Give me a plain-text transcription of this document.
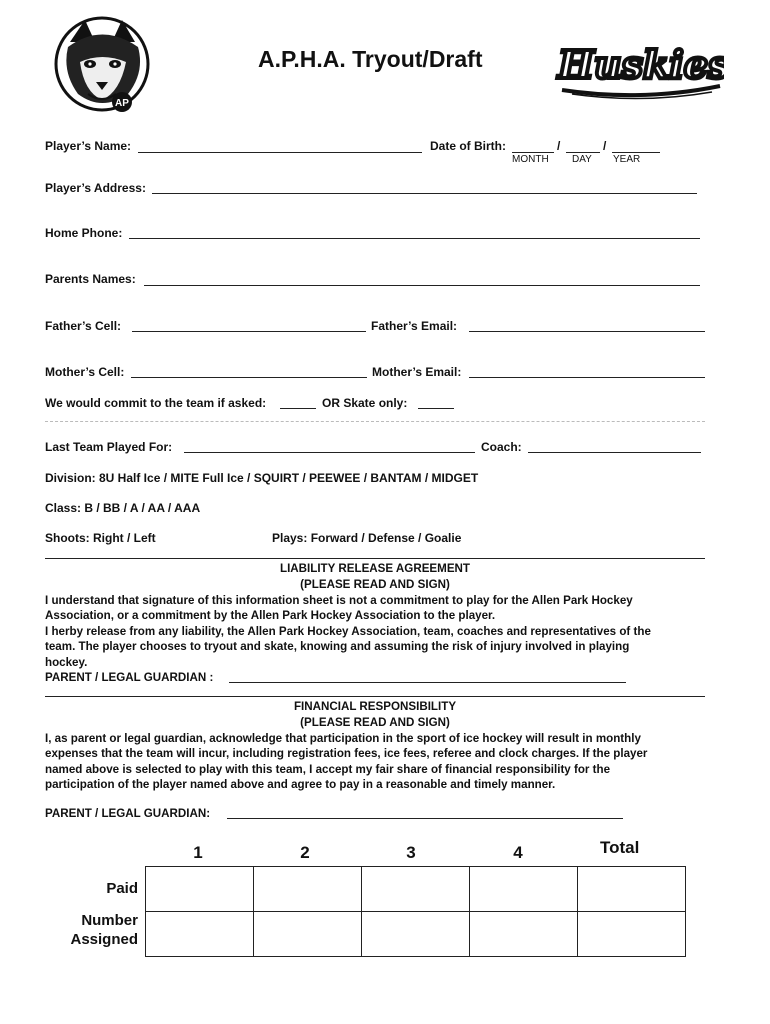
AP
A.P.H.A. Tryout/Draft Huskies
Player’s Name:	Date of Birth:	/	/
MONTH DAY YEAR
Player’s Address:
Home Phone:
Parents Names:
Father’s Cell:	Father’s Email:
Mother’s Cell:	Mother’s Email:
We would commit to the team if asked:	OR Skate only:
Last Team Played For:	Coach:
Division: 8U Half Ice / MITE Full Ice / SQUIRT / PEEWEE / BANTAM / MIDGET
Class: B / BB / A / AA / AAA
Shoots: Right / Left	Plays: Forward / Defense / Goalie
LIABILITY RELEASE AGREEMENT
(PLEASE READ AND SIGN)
I understand that signature of this information sheet is not a commitment to play for the Allen Park Hockey
Association, or a commitment by the Allen Park Hockey Association to the player.
I herby release from any liability, the Allen Park Hockey Association, team, coaches and representatives of the
team. The player chooses to tryout and skate, knowing and assuming the risk of injury involved in playing
hockey.
PARENT / LEGAL GUARDIAN :
FINANCIAL RESPONSIBILITY
(PLEASE READ AND SIGN)
I, as parent or legal guardian, acknowledge that participation in the sport of ice hockey will result in monthly
expenses that the team will incur, including registration fees, ice fees, referee and clock charges. If the player
named above is selected to play with this team, I accept my fair share of financial responsibility for the
participation of the player named above and agree to pay in a reasonable and timely manner.
PARENT / LEGAL GUARDIAN:
1	2	3	4	Total
Paid
Number
Assigned
